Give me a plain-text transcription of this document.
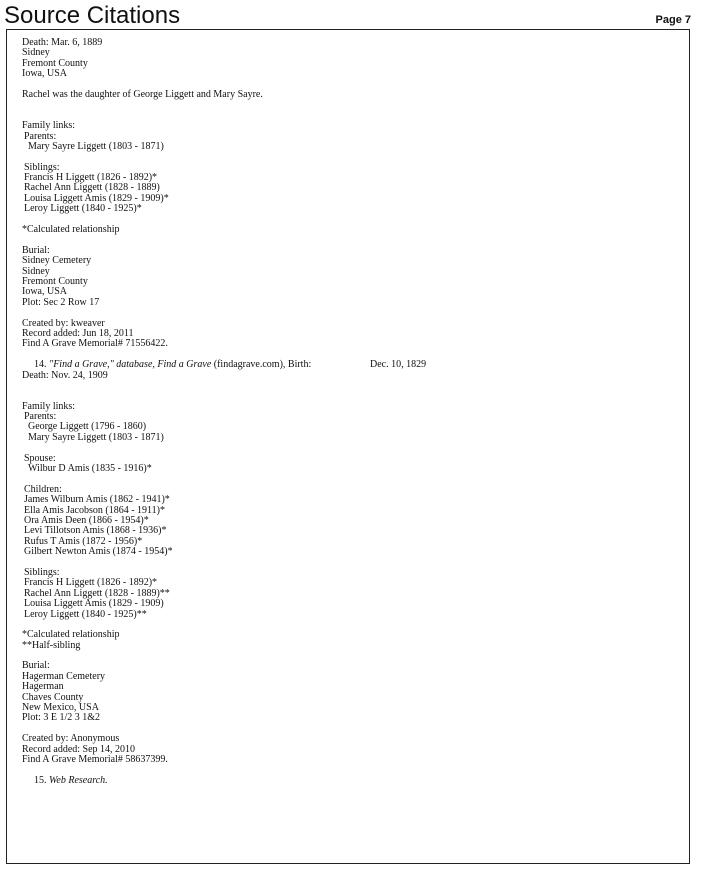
Source Citations	Page 7
Death: Mar. 6, 1889
Sidney
Fremont County
Iowa, USA
Rachel was the daughter of George Liggett and Mary Sayre.
Family links:
Parents:
Mary Sayre Liggett (1803 - 1871)
Siblings:
Francis H Liggett (1826 - 1892)*
Rachel Ann Liggett (1828 - 1889)
Louisa Liggett Amis (1829 - 1909)*
Leroy Liggett (1840 - 1925)*
*Calculated relationship
Burial:
Sidney Cemetery
Sidney
Fremont County
Iowa, USA
Plot: Sec 2 Row 17
Created by: kweaver
Record added: Jun 18, 2011
Find A Grave Memorial# 71556422.
14. "Find a Grave," database, Find a Grave (findagrave.com), Birth:	Dec. 10, 1829
Death: Nov. 24, 1909
Family links:
Parents:
George Liggett (1796 - 1860)
Mary Sayre Liggett (1803 - 1871)
Spouse:
Wilbur D Amis (1835 - 1916)*
Children:
James Wilburn Amis (1862 - 1941)*
Ella Amis Jacobson (1864 - 1911)*
Ora Amis Deen (1866 - 1954)*
Levi Tillotson Amis (1868 - 1936)*
Rufus T Amis (1872 - 1956)*
Gilbert Newton Amis (1874 - 1954)*
Siblings:
Francis H Liggett (1826 - 1892)*
Rachel Ann Liggett (1828 - 1889)**
Louisa Liggett Amis (1829 - 1909)
Leroy Liggett (1840 - 1925)**
*Calculated relationship
**Half-sibling
Burial:
Hagerman Cemetery
Hagerman
Chaves County
New Mexico, USA
Plot: 3 E 1/2 3 1&2
Created by: Anonymous
Record added: Sep 14, 2010
Find A Grave Memorial# 58637399.
15. Web Research.
